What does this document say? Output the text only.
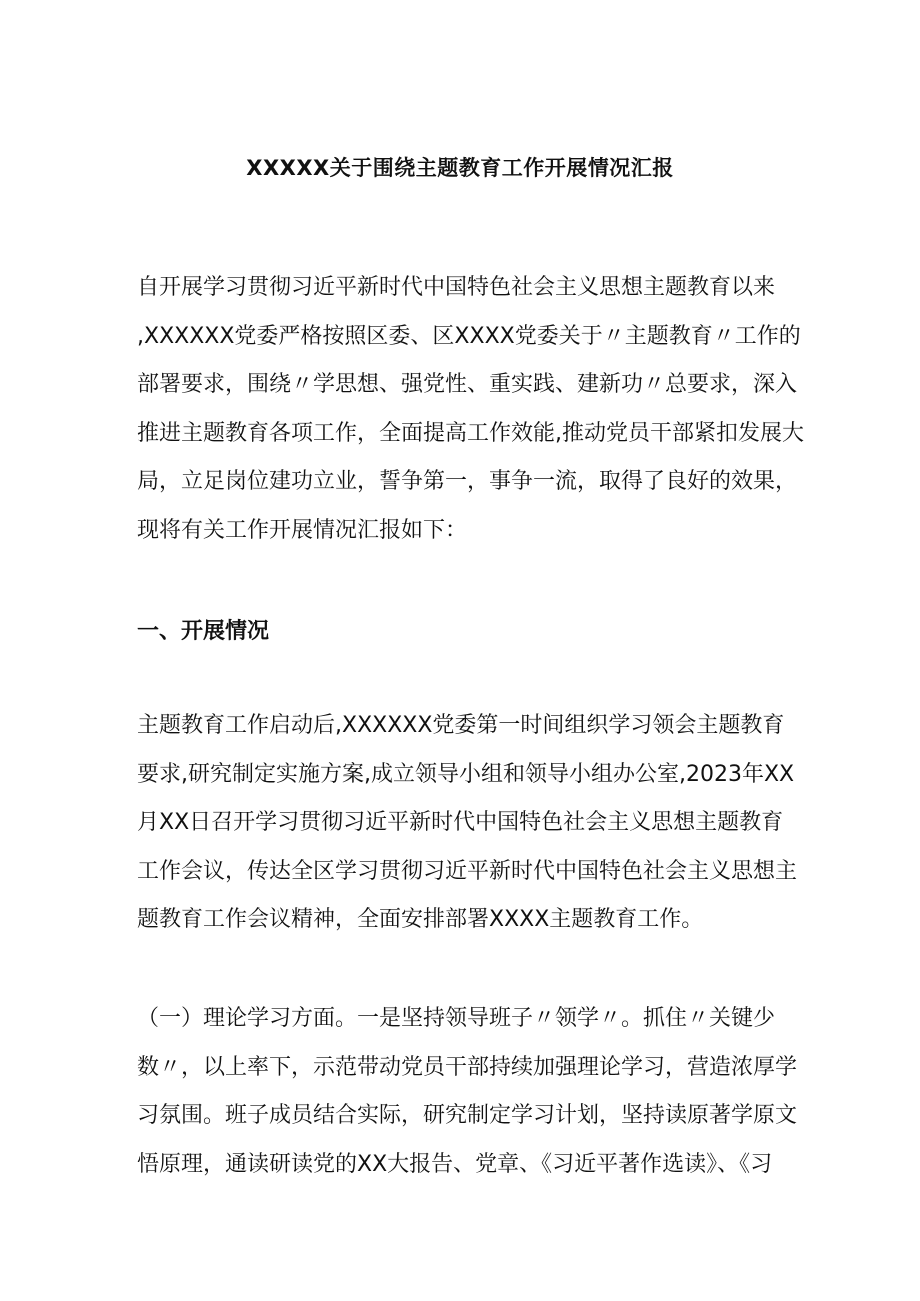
XXXXX关于围绕主题教育工作开展情况汇报
自开展学习贯彻习近平新时代中国特色社会主义思想主题教育以来
,XXXXXX党委严格按照区委、区XXXX党委关于〃主题教育〃工作的
部署要求，围绕〃学思想、强党性、重实践、建新功〃总要求，深入
推进主题教育各项工作，全面提高工作效能,推动党员干部紧扣发展大
局，立足岗位建功立业，誓争第一，事争一流，取得了良好的效果，
现将有关工作开展情况汇报如下：
一、开展情况
主题教育工作启动后,XXXXXX党委第一时间组织学习领会主题教育
要求,研究制定实施方案,成立领导小组和领导小组办公室,2023年XX
月XX日召开学习贯彻习近平新时代中国特色社会主义思想主题教育
工作会议，传达全区学习贯彻习近平新时代中国特色社会主义思想主
题教育工作会议精神，全面安排部署XXXX主题教育工作。
（一）理论学习方面。一是坚持领导班子〃领学〃。抓住〃关键少
数〃，以上率下，示范带动党员干部持续加强理论学习，营造浓厚学
习氛围。班子成员结合实际，研究制定学习计划，坚持读原著学原文
悟原理，通读研读党的XX大报告、党章、《习近平著作选读》、《习
